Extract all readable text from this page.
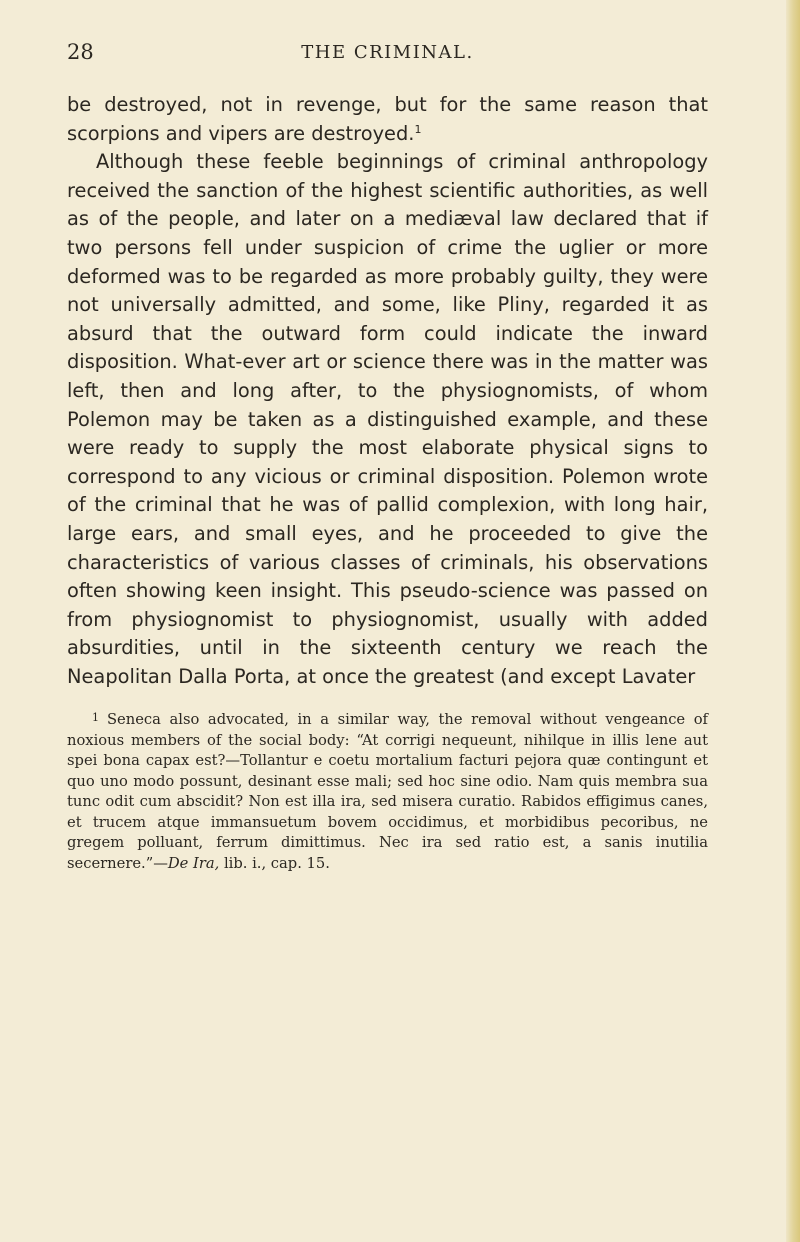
28	THE CRIMINAL.

be destroyed, not in revenge, but for the same reason that scorpions and vipers are destroyed.$^1$

Although these feeble beginnings of criminal anthropology received the sanction of the highest scientific authorities, as well as of the people, and later on a mediæval law declared that if two persons fell under suspicion of crime the uglier or more deformed was to be regarded as more probably guilty, they were not universally admitted, and some, like Pliny, regarded it as absurd that the outward form could indicate the inward disposition. What-ever art or science there was in the matter was left, then and long after, to the physiognomists, of whom Polemon may be taken as a distinguished example, and these were ready to supply the most elaborate physical signs to correspond to any vicious or criminal disposition. Polemon wrote of the criminal that he was of pallid complexion, with long hair, large ears, and small eyes, and he proceeded to give the characteristics of various classes of criminals, his observations often showing keen insight. This pseudo-science was passed on from physiognomist to physiognomist, usually with added absurdities, until in the sixteenth century we reach the Neapolitan Dalla Porta, at once the greatest (and except Lavater

$^1$ Seneca also advocated, in a similar way, the removal without vengeance of noxious members of the social body: “At corrigi nequeunt, nihilque in illis lene aut spei bona capax est?—Tollantur e coetu mortalium facturi pejora quæ contingunt et quo uno modo possunt, desinant esse mali; sed hoc sine odio. Nam quis membra sua tunc odit cum abscidit? Non est illa ira, sed misera curatio. Rabidos effigimus canes, et trucem atque immansuetum bovem occidimus, et morbidibus pecoribus, ne gregem polluant, ferrum dimittimus. Nec ira sed ratio est, a sanis inutilia secernere.”—De Ira, lib. i., cap. 15.
